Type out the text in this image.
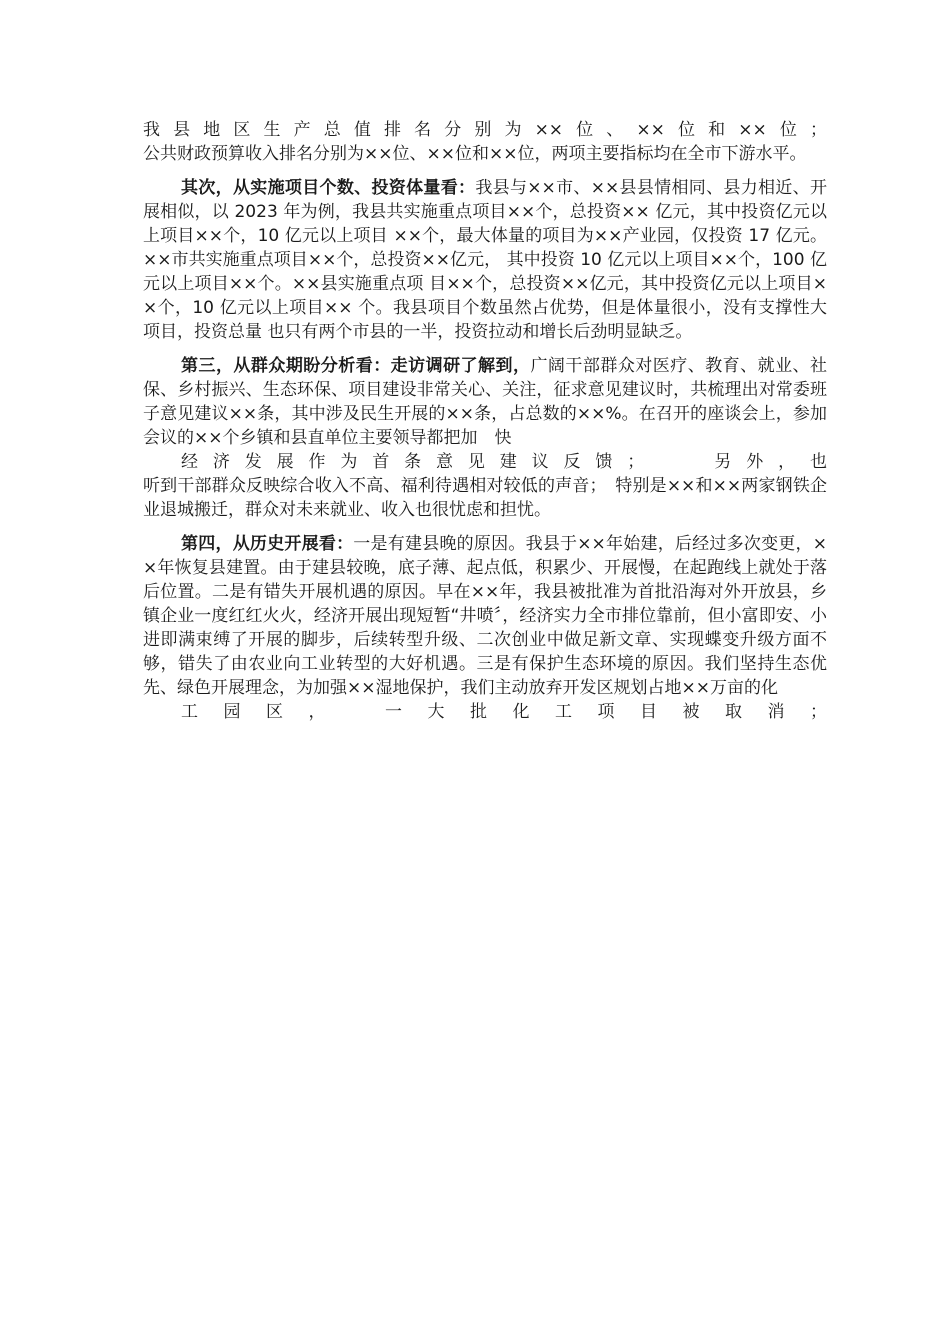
我县地区生产总值排名分别为××位、××位和××位；
公共财政预算收入排名分别为××位、××位和××位，两项主要指标均在全市下游水平。

其次，从实施项目个数、投资体量看：我县与××市、××县县情相同、县力相近、开展相似，以 2023 年为例，我县共实施重点项目××个，总投资×× 亿元，其中投资亿元以上项目××个，10 亿元以上项目 ××个，最大体量的项目为××产业园，仅投资 17 亿元。××市共实施重点项目××个，总投资××亿元， 其中投资 10 亿元以上项目××个，100 亿元以上项目××个。××县实施重点项 目××个，总投资××亿元，其中投资亿元以上项目××个，10 亿元以上项目×× 个。我县项目个数虽然占优势，但是体量很小，没有支撑性大项目，投资总量 也只有两个市县的一半，投资拉动和增长后劲明显缺乏。

第三，从群众期盼分析看：走访调研了解到，广阔干部群众对医疗、教育、就业、社保、乡村振兴、生态环保、项目建设非常关心、关注，征求意见建议时，共梳理出对常委班子意见建议××条，其中涉及民生开展的××条，占总数的××%。在召开的座谈会上，参加会议的××个乡镇和县直单位主要领导都把加　快
经济发展作为首条意见建议反馈；　　另外，也
听到干部群众反映综合收入不高、福利待遇相对较低的声音；　特别是××和××两家钢铁企业退城搬迁，群众对未来就业、收入也很忧虑和担忧。

第四，从历史开展看：一是有建县晚的原因。我县于××年始建，后经过多次变更，××年恢复县建置。由于建县较晚，底子薄、起点低，积累少、开展慢，在起跑线上就处于落后位置。二是有错失开展机遇的原因。早在××年，我县被批准为首批沿海对外开放县，乡镇企业一度红红火火，经济开展出现短暂“井喷〞，经济实力全市排位靠前，但小富即安、小进即满束缚了开展的脚步，后续转型升级、二次创业中做足新文章、实现蝶变升级方面不够，错失了由农业向工业转型的大好机遇。三是有保护生态环境的原因。我们坚持生态优先、绿色开展理念，为加强××湿地保护，我们主动放弃开发区规划占地××万亩的化
工园区，　一大批化工项目被取消；
